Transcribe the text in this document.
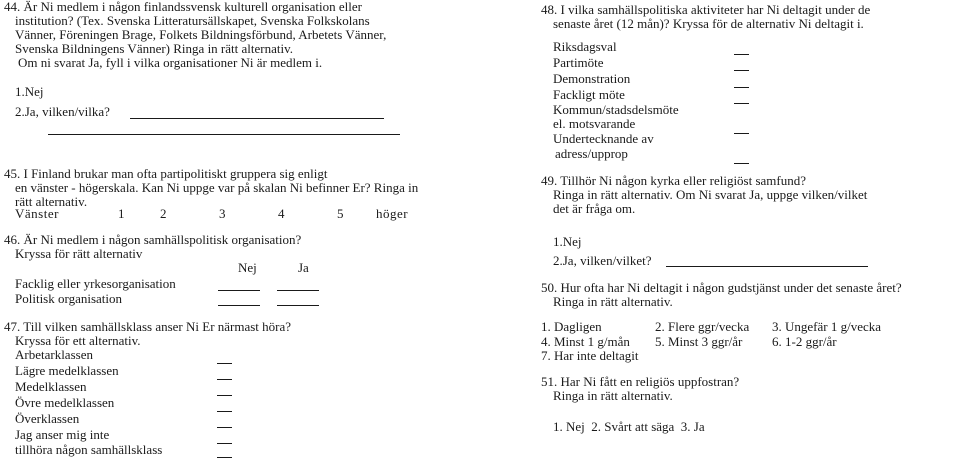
44. Är Ni medlem i någon finlandssvensk kulturell organisation eller
institution? (Tex. Svenska Litteratursällskapet, Svenska Folkskolans
Vänner, Föreningen Brage, Folkets Bildningsförbund, Arbetets Vänner,
Svenska Bildningens Vänner) Ringa in rätt alternativ.
Om ni svarat Ja, fyll i vilka organisationer Ni är medlem i.
1.Nej
2.Ja, vilken/vilka?
45. I Finland brukar man ofta partipolitiskt gruppera sig enligt
en vänster - högerskala. Kan Ni uppge var på skalan Ni befinner Er? Ringa in
rätt alternativ.
Vänster	1	2	3	4	5	höger
46. Är Ni medlem i någon samhällspolitisk organisation?
Kryssa för rätt alternativ
Nej	Ja
Facklig eller yrkesorganisation
Politisk organisation
47. Till vilken samhällsklass anser Ni Er närmast höra?
Kryssa för ett alternativ.
Arbetarklassen
Lägre medelklassen
Medelklassen
Övre medelklassen
Överklassen
Jag anser mig inte
tillhöra någon samhällsklass
48. I vilka samhällspolitiska aktiviteter har Ni deltagit under de
senaste året (12 mån)? Kryssa för de alternativ Ni deltagit i.
Riksdagsval
Partimöte
Demonstration
Fackligt möte
Kommun/stadsdelsmöte
el. motsvarande
Undertecknande av
adress/upprop
49. Tillhör Ni någon kyrka eller religiöst samfund?
Ringa in rätt alternativ. Om Ni svarat Ja, uppge vilken/vilket
det är fråga om.
1.Nej
2.Ja, vilken/vilket?
50. Hur ofta har Ni deltagit i någon gudstjänst under det senaste året?
Ringa in rätt alternativ.
1. Dagligen	2. Flere ggr/vecka 3. Ungefär 1 g/vecka
4. Minst 1 g/mån 5. Minst 3 ggr/år 6. 1-2 ggr/år
7. Har inte deltagit
51. Har Ni fått en religiös uppfostran?
Ringa in rätt alternativ.
1. Nej  2. Svårt att säga  3. Ja
